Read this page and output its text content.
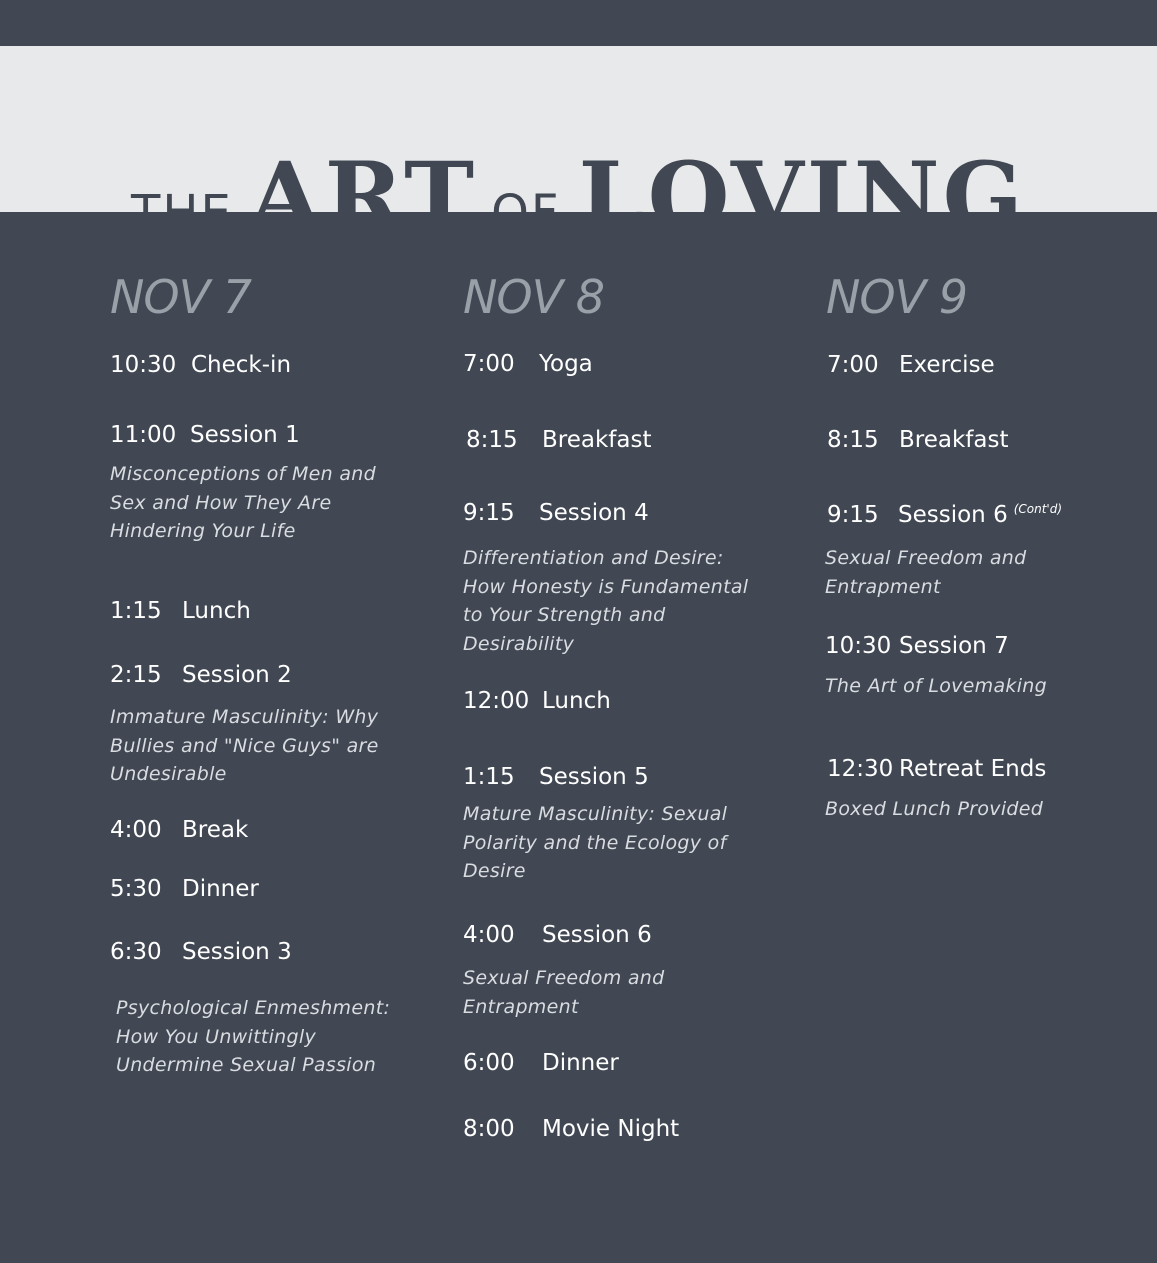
THE ART OF LOVING
NOV 7	NOV 8	NOV 9
10:30 Check-in
11:00 Session 1
Misconceptions of Men and Sex and How They Are Hindering Your Life
1:15 Lunch
2:15 Session 2
Immature Masculinity: Why Bullies and "Nice Guys" are Undesirable
4:00 Break
5:30 Dinner
6:30 Session 3
Psychological Enmeshment: How You Unwittingly Undermine Sexual Passion
7:00 Yoga
8:15 Breakfast
9:15 Session 4
Differentiation and Desire: How Honesty is Fundamental to Your Strength and Desirability
12:00 Lunch
1:15 Session 5
Mature Masculinity: Sexual Polarity and the Ecology of Desire
4:00 Session 6
Sexual Freedom and Entrapment
6:00 Dinner
8:00 Movie Night
7:00 Exercise
8:15 Breakfast
9:15 Session 6 $^{(Cont'd)}$
Sexual Freedom and Entrapment
10:30 Session 7
The Art of Lovemaking
12:30 Retreat Ends
Boxed Lunch Provided
